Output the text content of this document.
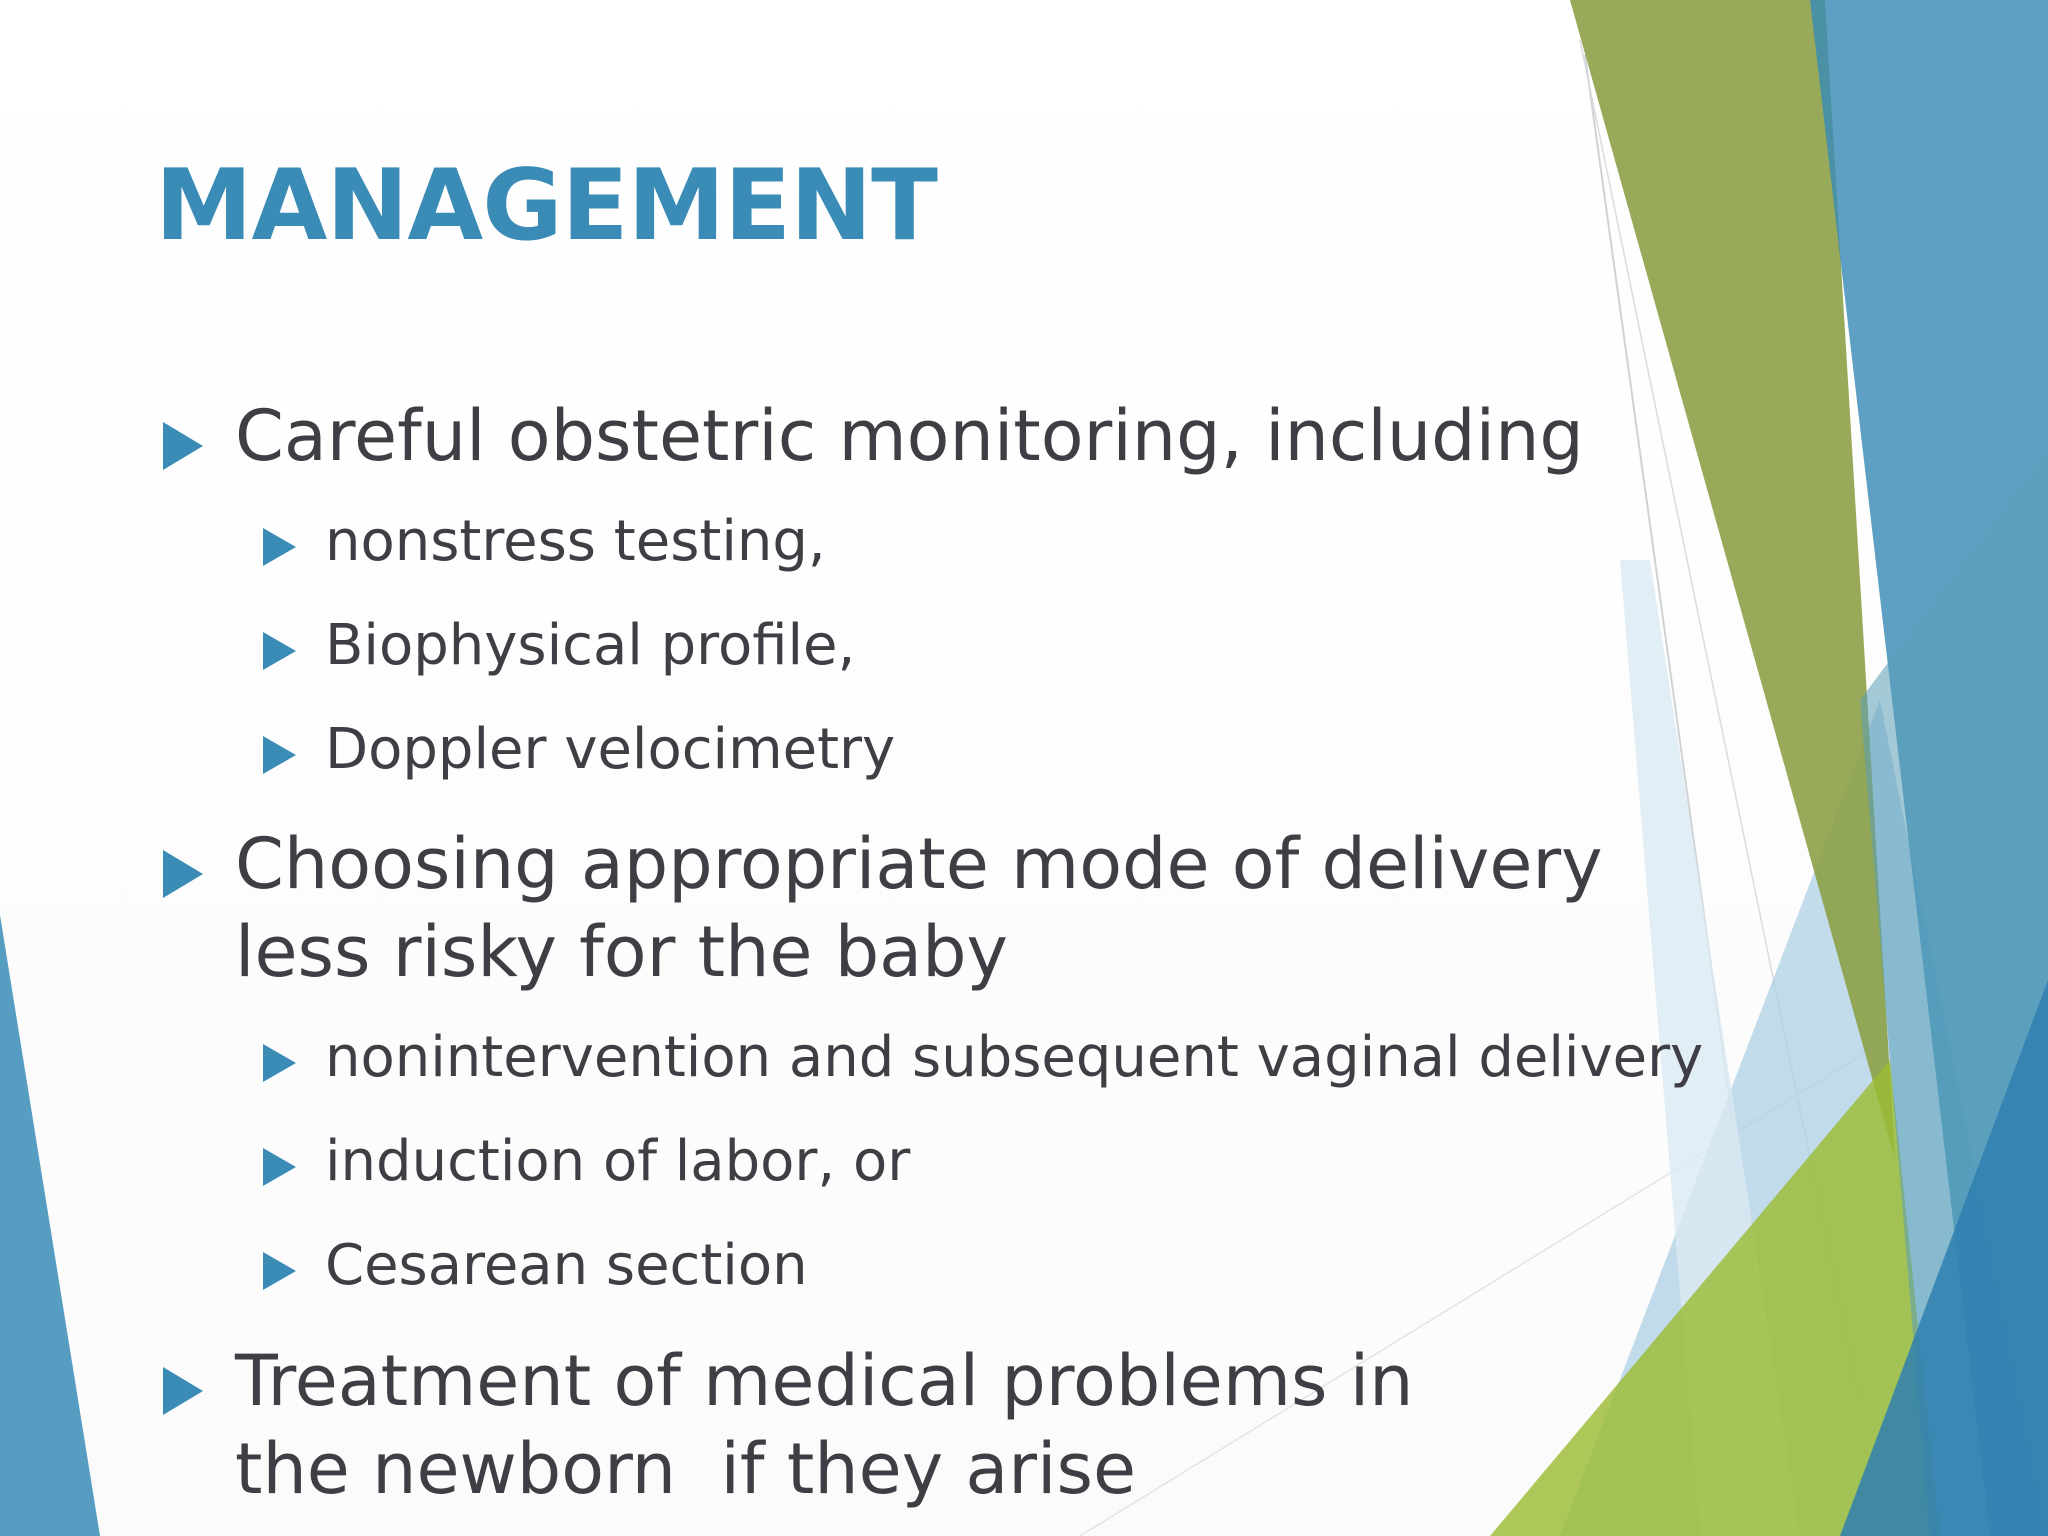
MANAGEMENT
Careful obstetric monitoring, including
nonstress testing,
Biophysical profile,
Doppler velocimetry
Choosing appropriate mode of delivery less risky for the baby
nonintervention and subsequent vaginal delivery
induction of labor, or
Cesarean section
Treatment of medical problems in the newborn  if they arise
